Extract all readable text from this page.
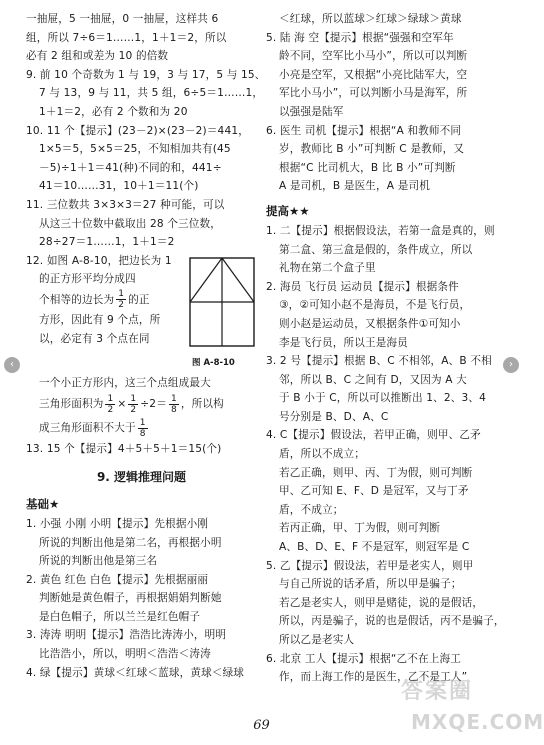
‹	›
一抽屉，5 一抽屉，0 一抽屉，这样共 6
组，所以 7÷6＝1……1，1＋1＝2，所以
必有 2 组和或差为 10 的倍数
9. 前 10 个奇数为 1 与 19，3 与 17，5 与 15、
7 与 13，9 与 11，共 5 组，6÷5＝1……1，
1＋1＝2，必有 2 个数和为 20
10. 11 个【提示】(23－2)×(23－2)＝441，
1×5＝5，5×5＝25，不知相加共有(45
－5)÷1＋1＝41(种)不同的和，441÷
41＝10……31，10＋1＝11(个)
11. 三位数共 3×3×3＝27 种可能，可以
从这三十位数中截取出 28 个三位数，
28÷27＝1……1，1＋1＝2
12. 如图 A-8-10，把边长为 1
的正方形平均分成四
个相等的边长为 $\frac{1}{2}$ 的正
方形，因此有 9 个点，所
以，必定有 3 个点在同
图 A-8-10
一个小正方形内，这三个点组成最大
三角形面积为 $\frac{1}{2} \times \frac{1}{2} \div 2= \frac{1}{8}$ ，所以构
成三角形面积不大于 $\frac{1}{8}$
13. 15 个【提示】4＋5＋5＋1＝15(个)
9. 逻辑推理问题
基础★
1. 小强 小刚 小明【提示】先根据小刚
所说的判断出他是第二名，再根据小明
所说的判断出他是第三名
2. 黄色 红色 白色【提示】先根据丽丽
判断她是黄色帽子，再根据娟娟判断她
是白色帽子，所以兰兰是红色帽子
3. 涛涛 明明【提示】浩浩比涛涛小，明明
比浩浩小，所以，明明＜浩浩＜涛涛
4. 绿【提示】黄球＜红球＜蓝球，黄球＜绿球
＜红球，所以蓝球＞红球＞绿球＞黄球
5. 陆 海 空【提示】根据“强强和空军年
龄不同，空军比小马小”，所以可以判断
小亮是空军，又根据“小亮比陆军大，空
军比小马小”，可以判断小马是海军，所
以强强是陆军
6. 医生 司机【提示】根据“A 和教师不同
岁，教师比 B 小”可判断 C 是教师，又
根据“C 比司机大，B 比 B 小”可判断
A 是司机，B 是医生，A 是司机
提高★★
1. 二【提示】根据假设法，若第一盒是真的，则
第二盒、第三盒是假的，条件成立，所以
礼物在第二个盒子里
2. 海员 飞行员 运动员【提示】根据条件
③，②可知小赵不是海员，不是飞行员，
则小赵是运动员，又根据条件①可知小
李是飞行员，所以王是海员
3. 2 号【提示】根据 B、C 不相邻，A、B 不相
邻，所以 B、C 之间有 D，又因为 A 大
于 B 小于 C，所以可以推断出 1、2、3、4
号分别是 B、D、A、C
4. C【提示】假设法，若甲正确，则甲、乙矛
盾，所以不成立；
若乙正确，则甲、丙、丁为假，则可判断
甲、乙可知 E、F、D 是冠军，又与丁矛
盾，不成立；
若丙正确，甲、丁为假，则可判断
A、B、D、E、F 不是冠军，则冠军是 C
5. 乙【提示】假设法，若甲是老实人，则甲
与自己所说的话矛盾，所以甲是骗子；
若乙是老实人，则甲是赌徒，说的是假话，
所以，丙是骗子，说的也是假话，丙不是骗子，
所以乙是老实人
6. 北京 工人【提示】根据“乙不在上海工
作，而上海工作的是医生，乙不是工人”
69
答案圈
MXQE.COM
